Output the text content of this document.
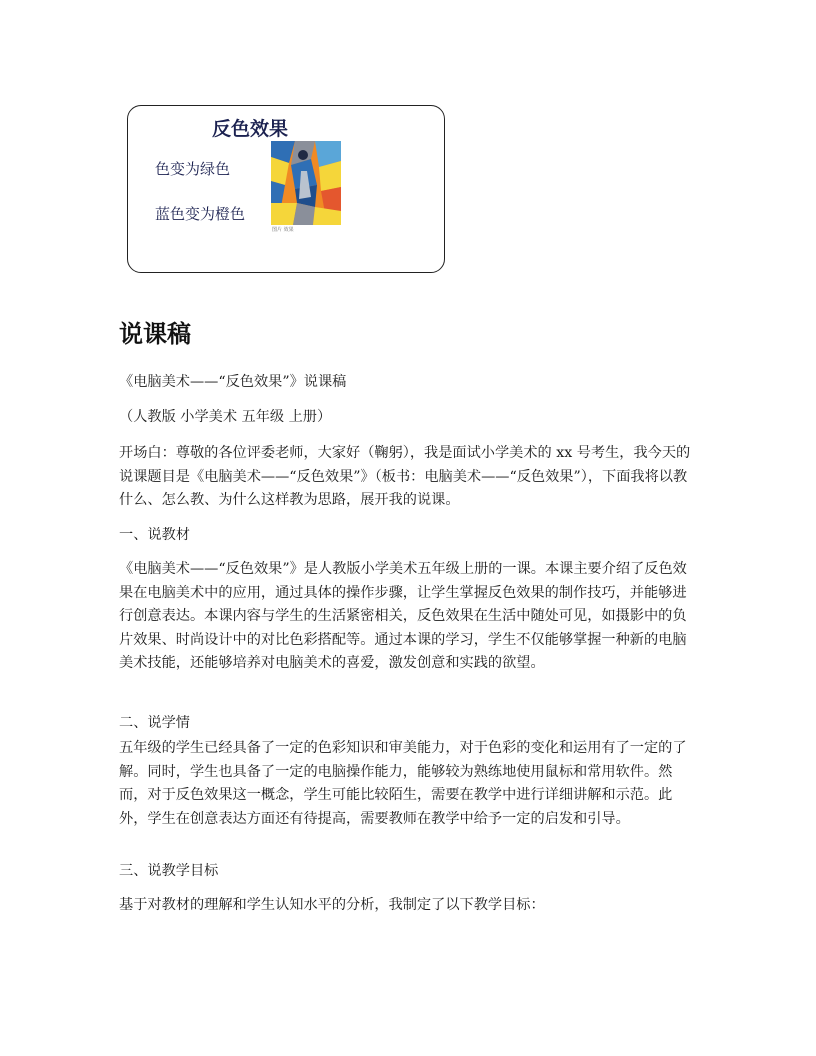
反色效果
色变为绿色
蓝色变为橙色
图片 效果
说课稿
《电脑美术——“反色效果”》说课稿
（人教版 小学美术 五年级 上册）
开场白：尊敬的各位评委老师，大家好（鞠躬），我是面试小学美术的 xx 号考生，我今天的说课题目是《电脑美术——“反色效果”》（板书：电脑美术——“反色效果”），下面我将以教什么、怎么教、为什么这样教为思路，展开我的说课。
一、说教材
《电脑美术——“反色效果”》是人教版小学美术五年级上册的一课。本课主要介绍了反色效果在电脑美术中的应用，通过具体的操作步骤，让学生掌握反色效果的制作技巧，并能够进行创意表达。本课内容与学生的生活紧密相关，反色效果在生活中随处可见，如摄影中的负片效果、时尚设计中的对比色彩搭配等。通过本课的学习，学生不仅能够掌握一种新的电脑美术技能，还能够培养对电脑美术的喜爱，激发创意和实践的欲望。
二、说学情
五年级的学生已经具备了一定的色彩知识和审美能力，对于色彩的变化和运用有了一定的了解。同时，学生也具备了一定的电脑操作能力，能够较为熟练地使用鼠标和常用软件。然而，对于反色效果这一概念，学生可能比较陌生，需要在教学中进行详细讲解和示范。此外，学生在创意表达方面还有待提高，需要教师在教学中给予一定的启发和引导。
三、说教学目标
基于对教材的理解和学生认知水平的分析，我制定了以下教学目标：
